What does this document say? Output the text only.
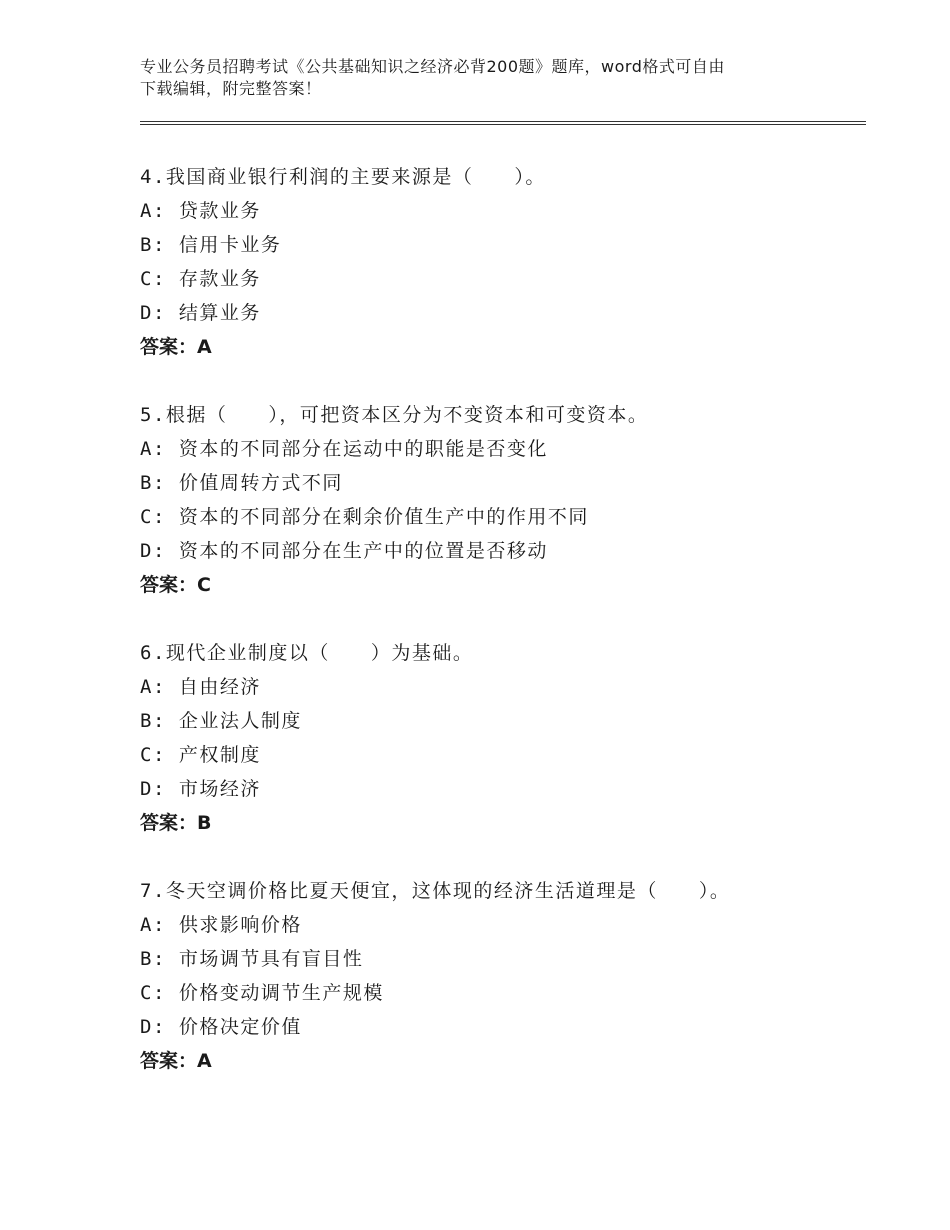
专业公务员招聘考试《公共基础知识之经济必背200题》题库，word格式可自由
下载编辑，附完整答案！
4.我国商业银行利润的主要来源是（　　）。
A: 贷款业务
B: 信用卡业务
C: 存款业务
D: 结算业务
答案：A
5.根据（　　），可把资本区分为不变资本和可变资本。
A: 资本的不同部分在运动中的职能是否变化
B: 价值周转方式不同
C: 资本的不同部分在剩余价值生产中的作用不同
D: 资本的不同部分在生产中的位置是否移动
答案：C
6.现代企业制度以（　　）为基础。
A: 自由经济
B: 企业法人制度
C: 产权制度
D: 市场经济
答案：B
7.冬天空调价格比夏天便宜，这体现的经济生活道理是（　　）。
A: 供求影响价格
B: 市场调节具有盲目性
C: 价格变动调节生产规模
D: 价格决定价值
答案：A
